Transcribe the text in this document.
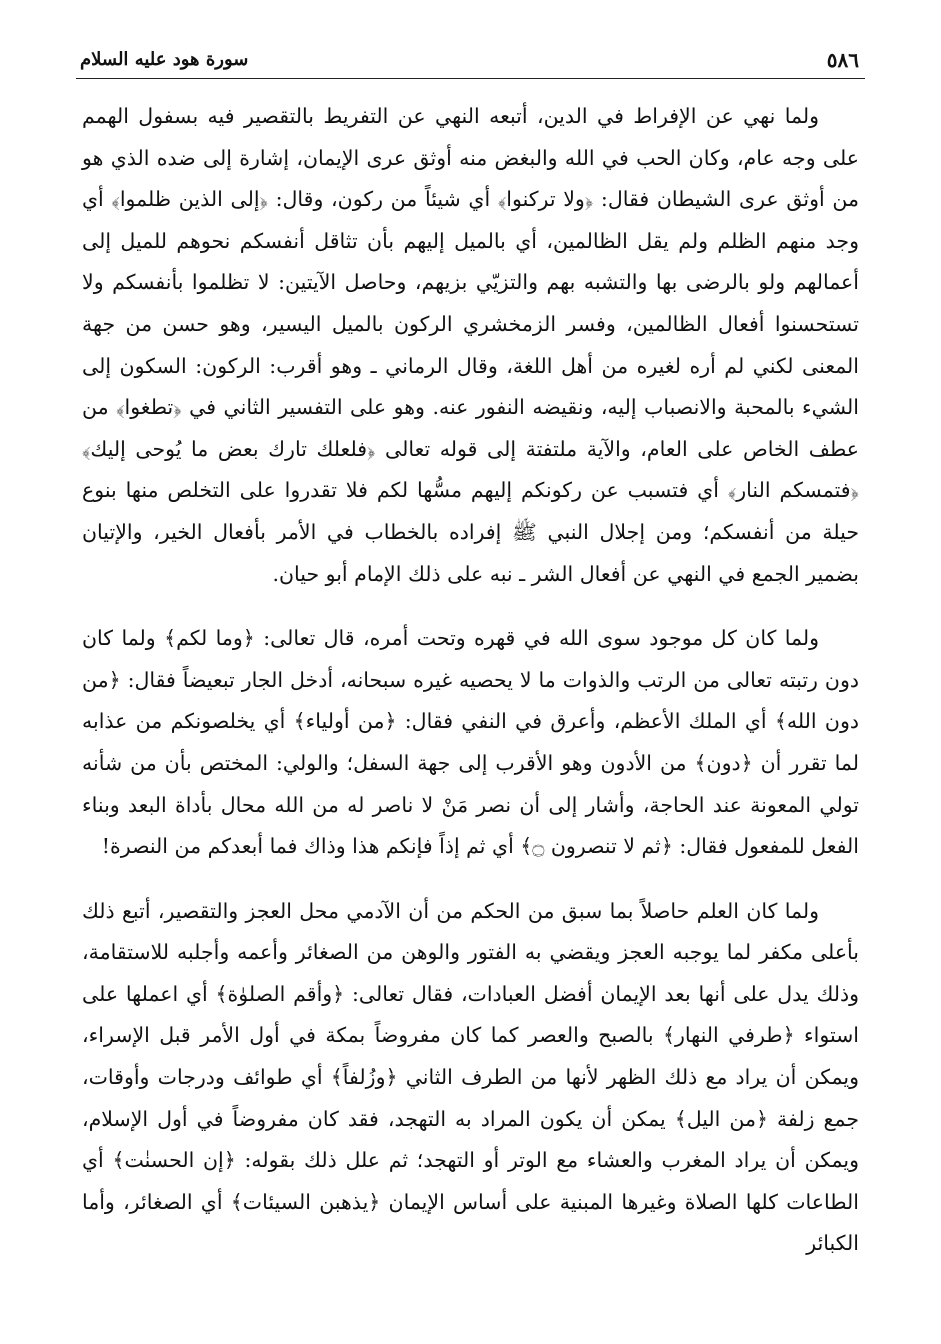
٥٨٦
سورة هود عليه السلام

ولما نهي عن الإفراط في الدين، أتبعه النهي عن التفريط بالتقصير فيه بسفول الهمم على وجه عام، وكان الحب في الله والبغض منه أوثق عرى الإيمان، إشارة إلى ضده الذي هو من أوثق عرى الشيطان فقال: ﴿ولا تركنوا﴾ أي شيئاً من ركون، وقال: ﴿إلى الذين ظلموا﴾ أي وجد منهم الظلم ولم يقل الظالمين، أي بالميل إليهم بأن تثاقل أنفسكم نحوهم للميل إلى أعمالهم ولو بالرضى بها والتشبه بهم والتزيّي بزيهم، وحاصل الآيتين: لا تظلموا بأنفسكم ولا تستحسنوا أفعال الظالمين، وفسر الزمخشري الركون بالميل اليسير، وهو حسن من جهة المعنى لكني لم أره لغيره من أهل اللغة، وقال الرماني ـ وهو أقرب: الركون: السكون إلى الشيء بالمحبة والانصباب إليه، ونقيضه النفور عنه. وهو على التفسير الثاني في ﴿تطغوا﴾ من عطف الخاص على العام، والآية ملتفتة إلى قوله تعالى ﴿فلعلك تارك بعض ما يُوحى إليك﴾ ﴿فتمسكم النار﴾ أي فتسبب عن ركونكم إليهم مسُّها لكم فلا تقدروا على التخلص منها بنوع حيلة من أنفسكم؛ ومن إجلال النبي ﷺ إفراده بالخطاب في الأمر بأفعال الخير، والإتيان بضمير الجمع في النهي عن أفعال الشر ـ نبه على ذلك الإمام أبو حيان.

ولما كان كل موجود سوى الله في قهره وتحت أمره، قال تعالى: ﴿وما لكم﴾ ولما كان دون رتبته تعالى من الرتب والذوات ما لا يحصيه غيره سبحانه، أدخل الجار تبعيضاً فقال: ﴿من دون الله﴾ أي الملك الأعظم، وأعرق في النفي فقال: ﴿من أولياء﴾ أي يخلصونكم من عذابه لما تقرر أن ﴿دون﴾ من الأدون وهو الأقرب إلى جهة السفل؛ والولي: المختص بأن من شأنه تولي المعونة عند الحاجة، وأشار إلى أن نصر مَنْ لا ناصر له من الله محال بأداة البعد وبناء الفعل للمفعول فقال: ﴿ثم لا تنصرون ۝﴾ أي ثم إذاً فإنكم هذا وذاك فما أبعدكم من النصرة!

ولما كان العلم حاصلاً بما سبق من الحكم من أن الآدمي محل العجز والتقصير، أتبع ذلك بأعلى مكفر لما يوجبه العجز ويقضي به الفتور والوهن من الصغائر وأعمه وأجلبه للاستقامة، وذلك يدل على أنها بعد الإيمان أفضل العبادات، فقال تعالى: ﴿وأقم الصلوٰة﴾ أي اعملها على استواء ﴿طرفي النهار﴾ بالصبح والعصر كما كان مفروضاً بمكة في أول الأمر قبل الإسراء، ويمكن أن يراد مع ذلك الظهر لأنها من الطرف الثاني ﴿وزُلفاً﴾ أي طوائف ودرجات وأوقات، جمع زلفة ﴿من اليل﴾ يمكن أن يكون المراد به التهجد، فقد كان مفروضاً في أول الإسلام، ويمكن أن يراد المغرب والعشاء مع الوتر أو التهجد؛ ثم علل ذلك بقوله: ﴿إن الحسنٰت﴾ أي الطاعات كلها الصلاة وغيرها المبنية على أساس الإيمان ﴿يذهبن السيئات﴾ أي الصغائر، وأما الكبائر
